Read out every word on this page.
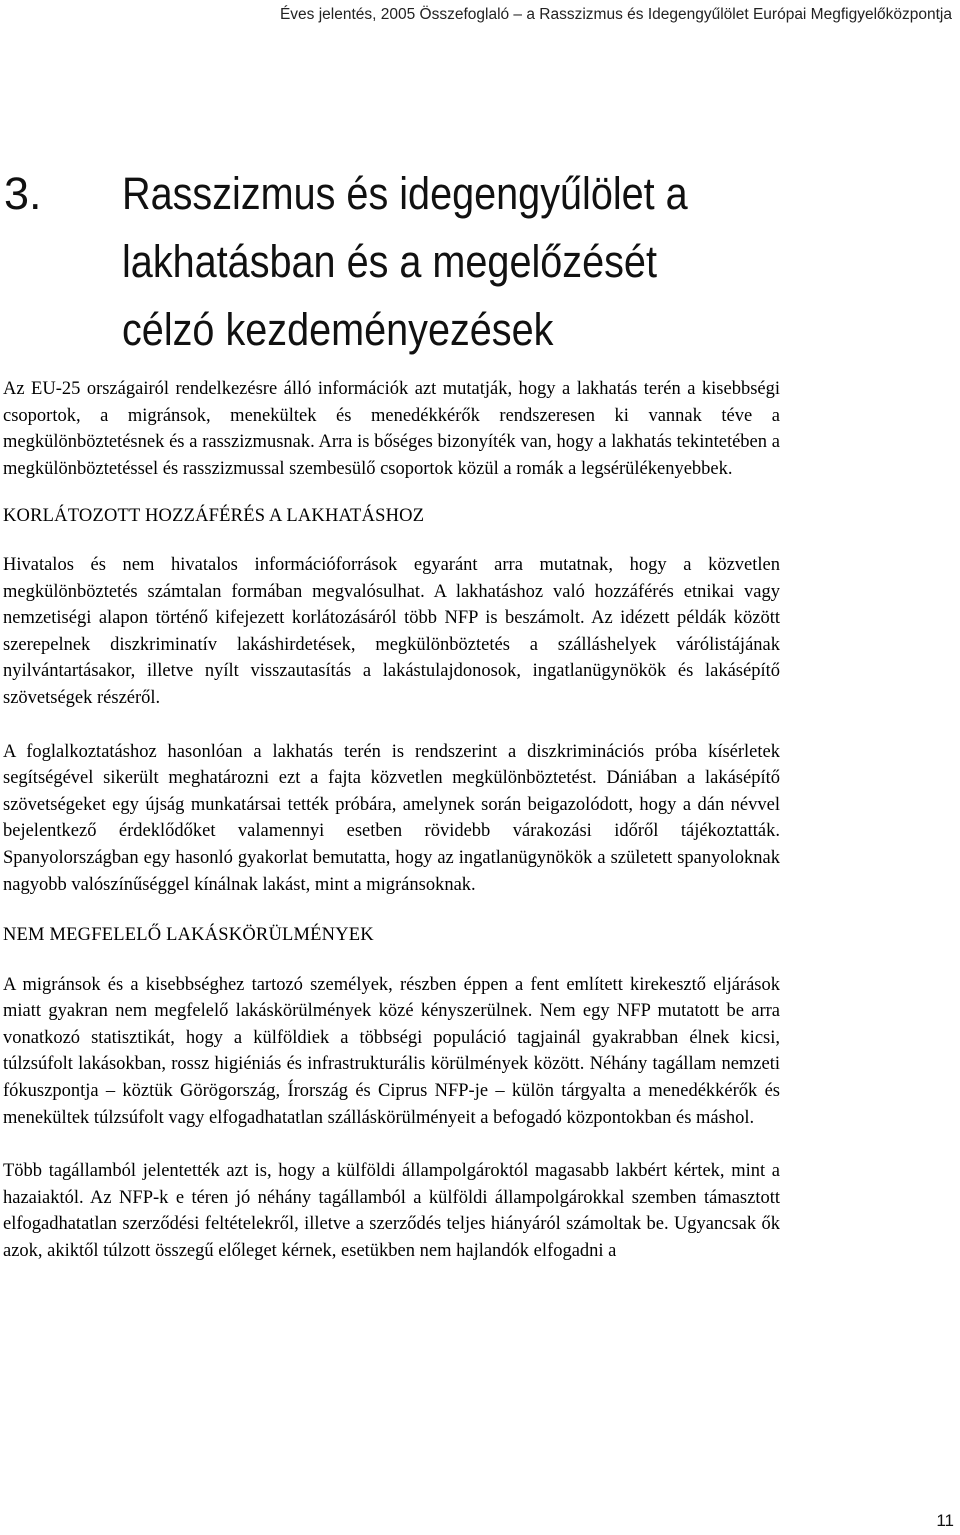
Éves jelentés, 2005 Összefoglaló – a Rasszizmus és Idegengyűlölet Európai Megfigyelőközpontja
3. Rasszizmus és idegengyűlölet a
lakhatásban és a megelőzését
célzó kezdeményezések

Az EU-25 országairól rendelkezésre álló információk azt mutatják, hogy a lakhatás terén a kisebbségi csoportok, a migránsok, menekültek és menedékkérők rendszeresen ki vannak téve a megkülönböztetésnek és a rasszizmusnak. Arra is bőséges bizonyíték van, hogy a lakhatás tekintetében a megkülönböztetéssel és rasszizmussal szembesülő csoportok közül a romák a legsérülékenyebbek.

KORLÁTOZOTT HOZZÁFÉRÉS A LAKHATÁSHOZ

Hivatalos és nem hivatalos információforrások egyaránt arra mutatnak, hogy a közvetlen megkülönböztetés számtalan formában megvalósulhat. A lakhatáshoz való hozzáférés etnikai vagy nemzetiségi alapon történő kifejezett korlátozásáról több NFP is beszámolt. Az idézett példák között szerepelnek diszkriminatív lakáshirdetések, megkülönböztetés a szálláshelyek várólistájának nyilvántartásakor, illetve nyílt visszautasítás a lakástulajdonosok, ingatlanügynökök és lakásépítő szövetségek részéről.

A foglalkoztatáshoz hasonlóan a lakhatás terén is rendszerint a diszkriminációs próba kísérletek segítségével sikerült meghatározni ezt a fajta közvetlen megkülönböztetést. Dániában a lakásépítő szövetségeket egy újság munkatársai tették próbára, amelynek során beigazolódott, hogy a dán névvel bejelentkező érdeklődőket valamennyi esetben rövidebb várakozási időről tájékoztatták. Spanyolországban egy hasonló gyakorlat bemutatta, hogy az ingatlanügynökök a született spanyoloknak nagyobb valószínűséggel kínálnak lakást, mint a migránsoknak.

NEM MEGFELELŐ LAKÁSKÖRÜLMÉNYEK

A migránsok és a kisebbséghez tartozó személyek, részben éppen a fent említett kirekesztő eljárások miatt gyakran nem megfelelő lakáskörülmények közé kényszerülnek. Nem egy NFP mutatott be arra vonatkozó statisztikát, hogy a külföldiek a többségi populáció tagjainál gyakrabban élnek kicsi, túlzsúfolt lakásokban, rossz higiéniás és infrastrukturális körülmények között. Néhány tagállam nemzeti fókuszpontja – köztük Görögország, Írország és Ciprus NFP-je – külön tárgyalta a menedékkérők és menekültek túlzsúfolt vagy elfogadhatatlan szálláskörülményeit a befogadó központokban és máshol.

Több tagállamból jelentették azt is, hogy a külföldi állampolgároktól magasabb lakbért kértek, mint a hazaiaktól. Az NFP-k e téren jó néhány tagállamból a külföldi állampolgárokkal szemben támasztott elfogadhatatlan szerződési feltételekről, illetve a szerződés teljes hiányáról számoltak be. Ugyancsak ők azok, akiktől túlzott összegű előleget kérnek, esetükben nem hajlandók elfogadni a

11
